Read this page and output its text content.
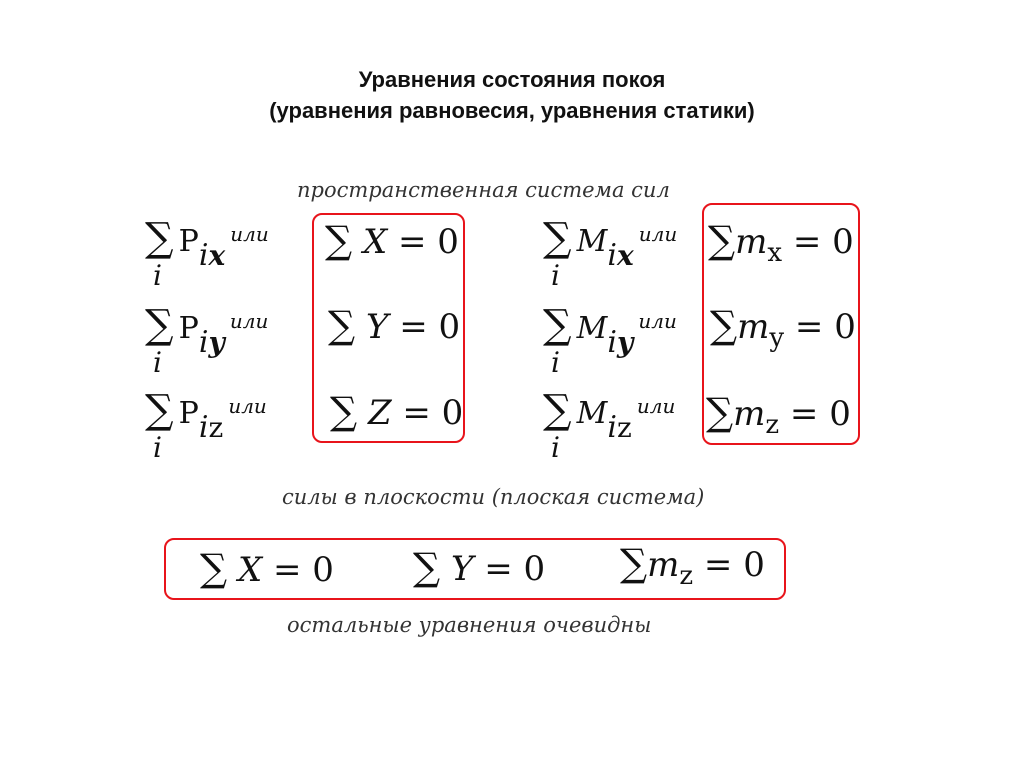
Уравнения состояния покоя
(уравнения равновесия, уравнения статики)
пространственная система сил
∑
i
Pix или ∑ X = 0
∑
i
Piy или ∑ Y = 0
∑
i
Piz или ∑ Z = 0
∑
i
Mix или $\sum m_x = 0$
∑
i
Miy или $\sum m_y = 0$
∑
i
Miz или $\sum m_z = 0$
силы в плоскости (плоская система)
∑ X = 0 ∑ Y = 0 $\sum m_z = 0$
остальные уравнения очевидны
